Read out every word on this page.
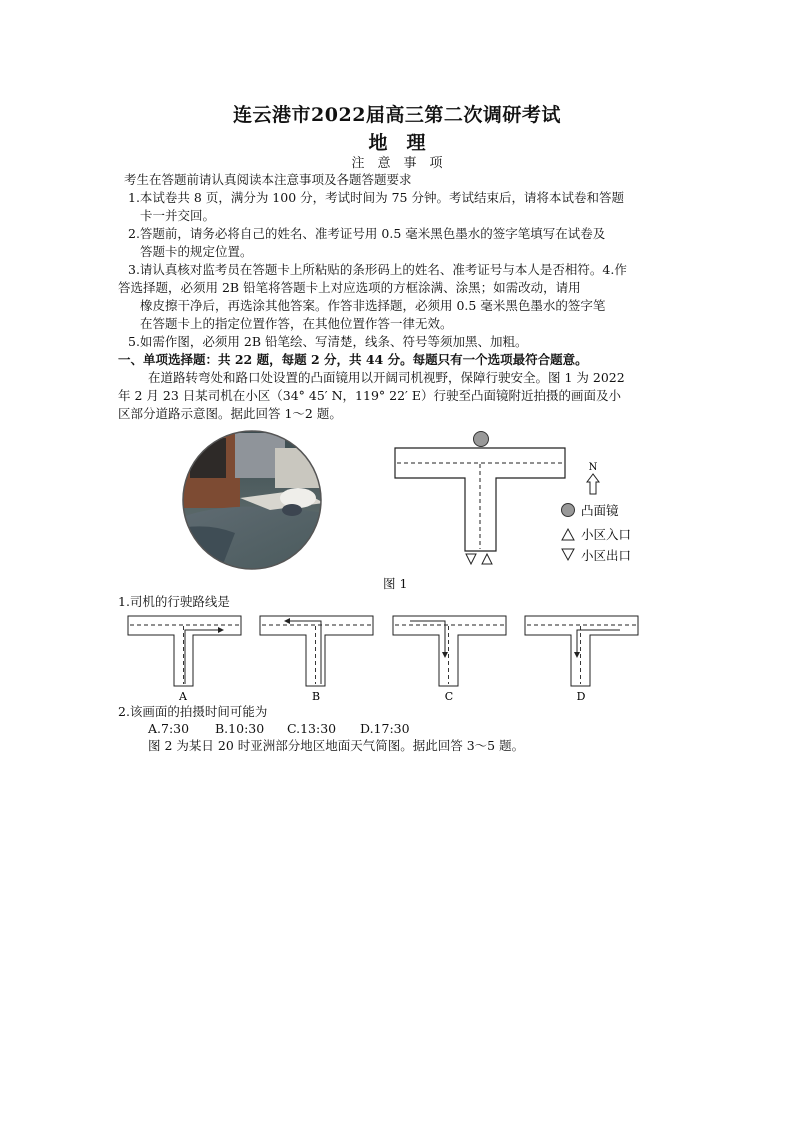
连云港市2022届高三第二次调研考试
地　理
注　意　事　项
考生在答题前请认真阅读本注意事项及各题答题要求
1.本试卷共 8 页，满分为 100 分，考试时间为 75 分钟。考试结束后，请将本试卷和答题
卡一并交回。
2.答题前，请务必将自己的姓名、准考证号用 0.5 毫米黑色墨水的签字笔填写在试卷及
答题卡的规定位置。
3.请认真核对监考员在答题卡上所粘贴的条形码上的姓名、准考证号与本人是否相符。4.作
答选择题，必须用 2B 铅笔将答题卡上对应选项的方框涂满、涂黑；如需改动，请用
橡皮擦干净后，再选涂其他答案。作答非选择题，必须用 0.5 毫米黑色墨水的签字笔
在答题卡上的指定位置作答，在其他位置作答一律无效。
5.如需作图，必须用 2B 铅笔绘、写清楚，线条、符号等须加黑、加粗。
一、单项选择题：共 22 题，每题 2 分，共 44 分。每题只有一个选项最符合题意。
在道路转弯处和路口处设置的凸面镜用以开阔司机视野，保障行驶安全。图 1 为 2022
年 2 月 23 日某司机在小区（34° 45′ N，119° 22′ E）行驶至凸面镜附近拍摄的画面及小
区部分道路示意图。据此回答 1～2 题。
N
凸面镜
小区入口
小区出口
图 1
1.司机的行驶路线是
A	B	C	D
2.该画面的拍摄时间可能为
A.7:30 B.10:30 C.13:30 D.17:30
图 2 为某日 20 时亚洲部分地区地面天气简图。据此回答 3～5 题。
